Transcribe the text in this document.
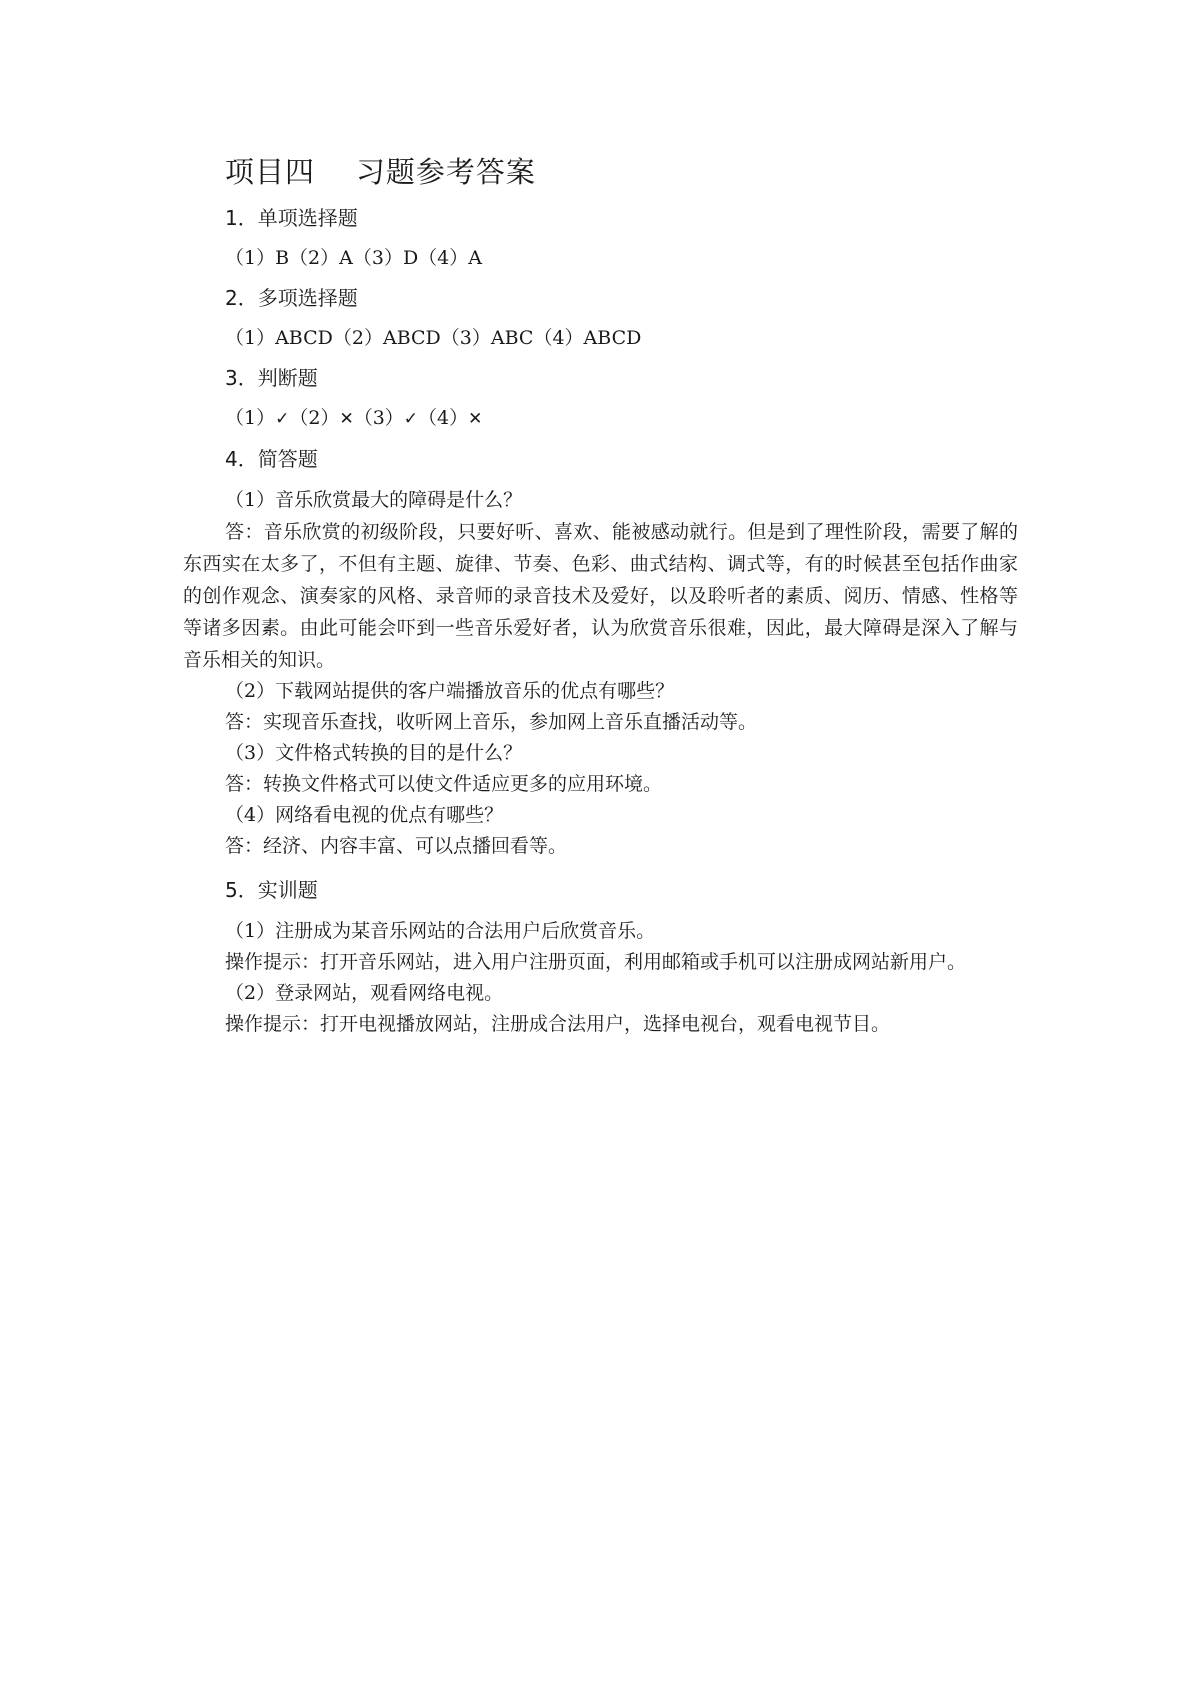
项目四    习题参考答案
1．单项选择题
（1）B（2）A（3）D（4）A
2．多项选择题
（1）ABCD（2）ABCD（3）ABC（4）ABCD
3．判断题
（1）✓（2）✕（3）✓（4）✕
4．简答题
（1）音乐欣赏最大的障碍是什么？

答：音乐欣赏的初级阶段，只要好听、喜欢、能被感动就行。但是到了理性阶段，需要了解的东西实在太多了，不但有主题、旋律、节奏、色彩、曲式结构、调式等，有的时候甚至包括作曲家的创作观念、演奏家的风格、录音师的录音技术及爱好，以及聆听者的素质、阅历、情感、性格等等诸多因素。由此可能会吓到一些音乐爱好者，认为欣赏音乐很难，因此，最大障碍是深入了解与音乐相关的知识。

（2）下载网站提供的客户端播放音乐的优点有哪些？
答：实现音乐查找，收听网上音乐，参加网上音乐直播活动等。
（3）文件格式转换的目的是什么？
答：转换文件格式可以使文件适应更多的应用环境。
（4）网络看电视的优点有哪些？
答：经济、内容丰富、可以点播回看等。
5．实训题
（1）注册成为某音乐网站的合法用户后欣赏音乐。
操作提示：打开音乐网站，进入用户注册页面，利用邮箱或手机可以注册成网站新用户。
（2）登录网站，观看网络电视。
操作提示：打开电视播放网站，注册成合法用户，选择电视台，观看电视节目。
